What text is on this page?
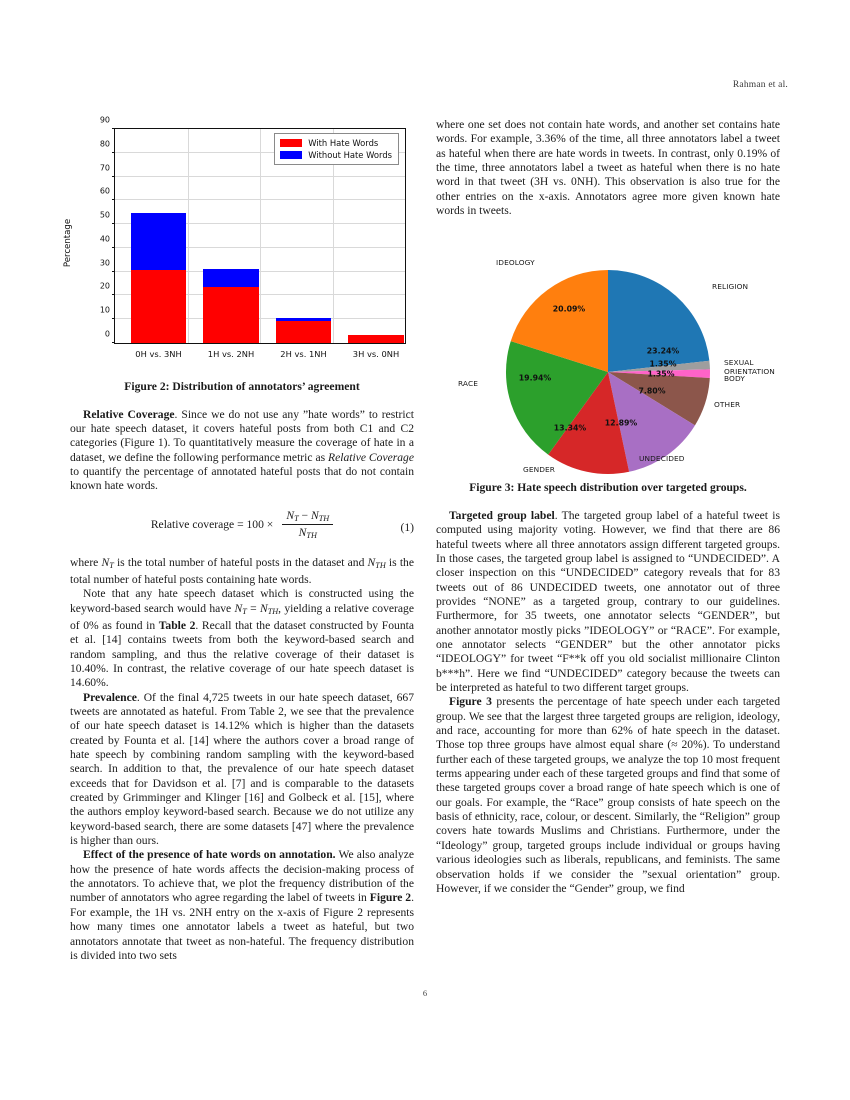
Rahman et al.
Percentage
0
10
20
30
40
50
60
70
80
90
0H vs. 3NH	1H vs. 2NH	2H vs. 1NH	3H vs. 0NH
With Hate Words
Without Hate Words
23.24%
1.35%
1.35%
7.80%
12.89%
13.34%
19.94%
20.09%
RELIGION
SEXUAL
ORIENTATION
BODY
OTHER
UNDECIDED
GENDER
RACE
IDEOLOGY

Figure 2: Distribution of annotators’ agreement

Relative Coverage. Since we do not use any ”hate words” to restrict our hate speech dataset, it covers hateful posts from both C1 and C2 categories (Figure 1). To quantitatively measure the coverage of hate in a dataset, we define the following performance metric as Relative Coverage to quantify the percentage of annotated hateful posts that do not contain known hate words.

Relative coverage = $100 \times \frac{N_T - N_{TH}}{N_{TH}}$	(1)

where $N_T$ is the total number of hateful posts in the dataset and $N_{TH}$ is the total number of hateful posts containing hate words.

Note that any hate speech dataset which is constructed using the keyword-based search would have $N_T = N_{TH}$, yielding a relative coverage of 0% as found in Table 2. Recall that the dataset constructed by Founta et al. [14] contains tweets from both the keyword-based search and random sampling, and thus the relative coverage of their dataset is 10.40%. In contrast, the relative coverage of our hate speech dataset is 14.60%.

Prevalence. Of the final 4,725 tweets in our hate speech dataset, 667 tweets are annotated as hateful. From Table 2, we see that the prevalence of our hate speech dataset is 14.12% which is higher than the datasets created by Founta et al. [14] where the authors cover a broad range of hate speech by combining random sampling with the keyword-based search. In addition to that, the prevalence of our hate speech dataset exceeds that for Davidson et al. [7] and is comparable to the datasets created by Grimminger and Klinger [16] and Golbeck et al. [15], where the authors employ keyword-based search. Because we do not utilize any keyword-based search, there are some datasets [47] where the prevalence is higher than ours.

Effect of the presence of hate words on annotation. We also analyze how the presence of hate words affects the decision-making process of the annotators. To achieve that, we plot the frequency distribution of the number of annotators who agree regarding the label of tweets in Figure 2. For example, the 1H vs. 2NH entry on the x-axis of Figure 2 represents how many times one annotator labels a tweet as hateful, but two annotators annotate that tweet as non-hateful. The frequency distribution is divided into two sets

where one set does not contain hate words, and another set contains hate words. For example, 3.36% of the time, all three annotators label a tweet as hateful when there are hate words in tweets. In contrast, only 0.19% of the time, three annotators label a tweet as hateful when there is no hate word in that tweet (3H vs. 0NH). This observation is also true for the other entries on the x-axis. Annotators agree more given known hate words in tweets.

Figure 3: Hate speech distribution over targeted groups.

Targeted group label. The targeted group label of a hateful tweet is computed using majority voting. However, we find that there are 86 hateful tweets where all three annotators assign different targeted groups. In those cases, the targeted group label is assigned to “UNDECIDED”. A closer inspection on this “UNDECIDED” category reveals that for 83 tweets out of 86 UNDECIDED tweets, one annotator out of three provides “NONE” as a targeted group, contrary to our guidelines. Furthermore, for 35 tweets, one annotator selects “GENDER”, but another annotator mostly picks ”IDEOLOGY” or “RACE”. For example, one annotator selects “GENDER” but the other annotator picks “IDEOLOGY” for tweet “F**k off you old socialist millionaire Clinton b***h”. Here we find “UNDECIDED” category because the tweets can be interpreted as hateful to two different target groups.

Figure 3 presents the percentage of hate speech under each targeted group. We see that the largest three targeted groups are religion, ideology, and race, accounting for more than 62% of hate speech in the dataset. Those top three groups have almost equal share (≈ 20%). To understand further each of these targeted groups, we analyze the top 10 most frequent terms appearing under each of these targeted groups and find that some of these targeted groups cover a broad range of hate speech which is one of our goals. For example, the “Race” group consists of hate speech on the basis of ethnicity, race, colour, or descent. Similarly, the “Religion” group covers hate towards Muslims and Christians. Furthermore, under the “Ideology” group, targeted groups include individual or groups having various ideologies such as liberals, republicans, and feminists. The same observation holds if we consider the ”sexual orientation” group. However, if we consider the “Gender” group, we find

6
